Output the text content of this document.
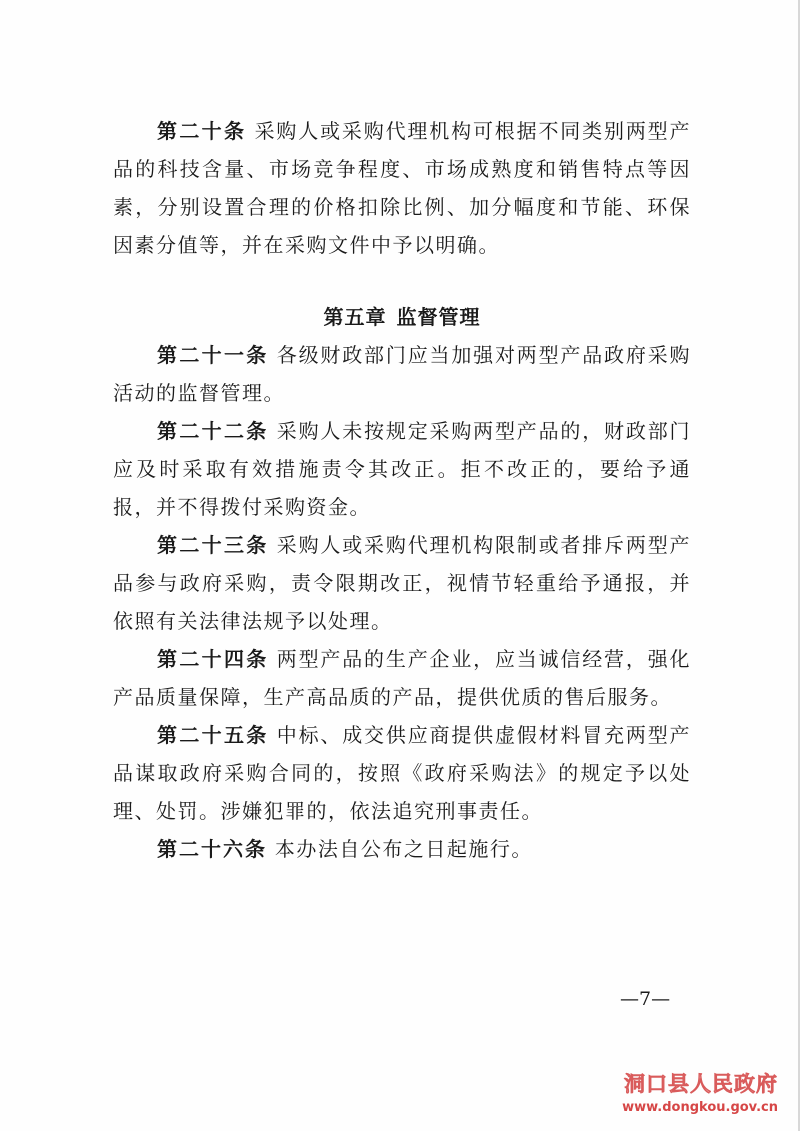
第二十条 采购人或采购代理机构可根据不同类别两型产品的科技含量、市场竞争程度、市场成熟度和销售特点等因素，分别设置合理的价格扣除比例、加分幅度和节能、环保因素分值等，并在采购文件中予以明确。

第五章 监督管理

第二十一条 各级财政部门应当加强对两型产品政府采购活动的监督管理。

第二十二条 采购人未按规定采购两型产品的，财政部门应及时采取有效措施责令其改正。拒不改正的，要给予通报，并不得拨付采购资金。

第二十三条 采购人或采购代理机构限制或者排斥两型产品参与政府采购，责令限期改正，视情节轻重给予通报，并依照有关法律法规予以处理。

第二十四条 两型产品的生产企业，应当诚信经营，强化产品质量保障，生产高品质的产品，提供优质的售后服务。

第二十五条 中标、成交供应商提供虚假材料冒充两型产品谋取政府采购合同的，按照《政府采购法》的规定予以处理、处罚。涉嫌犯罪的，依法追究刑事责任。

第二十六条 本办法自公布之日起施行。

—7—
洞口县人民政府
www.dongkou.gov.cn
